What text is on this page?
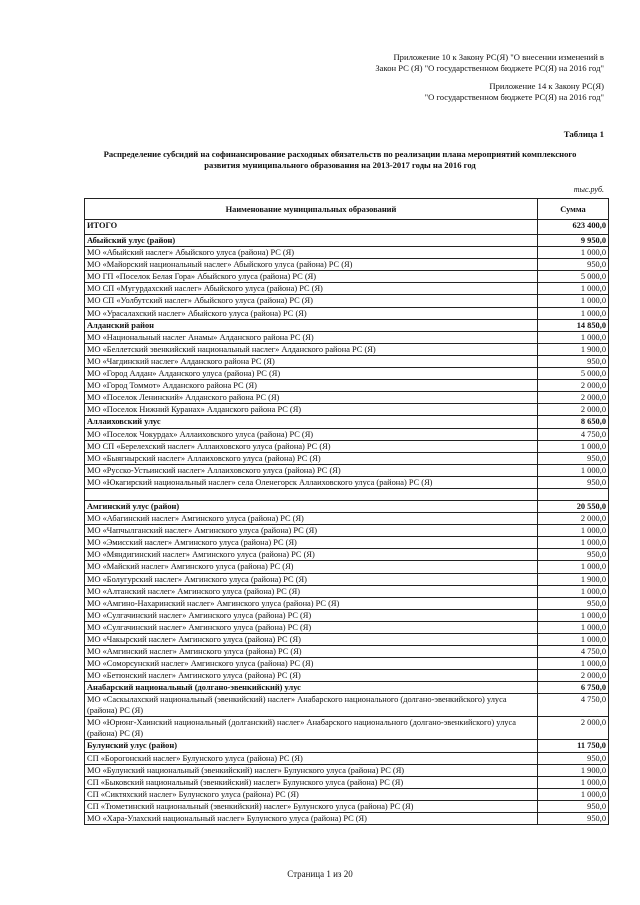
Приложение 10 к Закону РС(Я) "О внесении изменений в
Закон РС (Я) "О государственном бюджете РС(Я) на 2016 год"
Приложение 14 к Закону РС(Я)
"О государственном бюджете РС(Я) на 2016 год"
Таблица 1
Распределение субсидий на софинансирование расходных обязательств по реализации плана мероприятий комплексного
развития муниципального образования на 2013-2017 годы на 2016 год
тыс.руб.
Наименование муниципальных образований	Сумма
ИТОГО	623 400,0
Абыйский улус (район)	9 950,0
МО «Абыйский наслег» Абыйского улуса (района) РС (Я)	1 000,0
МО «Майорский национальный наслег» Абыйского улуса (района) РС (Я)	950,0
МО ГП «Поселок Белая Гора» Абыйского улуса (района) РС (Я)	5 000,0
МО СП «Мугурдахский наслег» Абыйского улуса (района) РС (Я)	1 000,0
МО СП «Уолбутский наслег» Абыйского улуса (района) РС (Я)	1 000,0
МО «Урасалахский наслег» Абыйского улуса (района) РС (Я)	1 000,0
Алданский район	14 850,0
МО «Национальный наслег Анамы» Алданского района РС (Я)	1 000,0
МО «Беллетский эвенкийский национальный наслег» Алданского района РС (Я)	1 900,0
МО «Чагдинский наслег» Алданского района РС (Я)	950,0
МО «Город Алдан» Алданского улуса (района) РС (Я)	5 000,0
МО «Город Томмот» Алданского района РС (Я)	2 000,0
МО «Поселок Ленинский» Алданского района РС (Я)	2 000,0
МО «Поселок Нижний Куранах» Алданского района РС (Я)	2 000,0
Аллаиховский улус	8 650,0
МО «Поселок Чокурдах» Аллаиховского улуса (района) РС (Я)	4 750,0
МО СП «Берелехский наслег» Аллаиховского улуса (района) РС (Я)	1 000,0
МО «Быягнырский наслег» Аллаиховского улуса (района) РС (Я)	950,0
МО «Русско-Устьинский наслег» Аллаиховского улуса (района) РС (Я)	1 000,0
МО «Юкагирский национальный наслег» села Оленегорск Аллаиховского улуса (района) РС (Я)	950,0

Амгинский улус (район)	20 550,0
МО «Абагинский наслег» Амгинского улуса (района) РС (Я)	2 000,0
МО «Чапчылганский наслег» Амгинского улуса (района) РС (Я)	1 000,0
МО «Эмисский наслег» Амгинского улуса (района) РС (Я)	1 000,0
МО «Мяндигинский наслег» Амгинского улуса (района) РС (Я)	950,0
МО «Майский наслег» Амгинского улуса (района) РС (Я)	1 000,0
МО «Болугурский наслег» Амгинского улуса (района) РС (Я)	1 900,0
МО «Алтанский наслег» Амгинского улуса (района) РС (Я)	1 000,0
МО «Амгино-Нахаринский наслег» Амгинского улуса (района) РС (Я)	950,0
МО «Сулгачинский наслег» Амгинского улуса (района) РС (Я)	1 000,0
МО «Сулгачинский наслег» Амгинского улуса (района) РС (Я)	1 000,0
МО «Чакырский наслег» Амгинского улуса (района) РС (Я)	1 000,0
МО «Амгинский наслег» Амгинского улуса (района) РС (Я)	4 750,0
МО «Соморсунский наслег» Амгинского улуса (района) РС (Я)	1 000,0
МО «Бетюнский наслег» Амгинского улуса (района) РС (Я)	2 000,0
Анабарский национальный (долгано-эвенкийский) улус	6 750,0
МО «Саскылахский национальный (эвенкийский) наслег» Анабарского национального (долгано-эвенкийского) улуса (района) РС (Я)	4 750,0
МО «Юрюнг-Хаинский национальный (долганский) наслег» Анабарского национального (долгано-эвенкийского) улуса (района) РС (Я)	2 000,0
Булунский улус (район)	11 750,0
СП «Борогонский наслег» Булунского улуса (района) РС (Я)	950,0
МО «Булунский национальный (эвенкийский) наслег» Булунского улуса (района) РС (Я)	1 900,0
СП «Быковский национальный (эвенкийский) наслег» Булунского улуса (района) РС (Я)	1 000,0
СП «Сиктяхский наслег» Булунского улуса (района) РС (Я)	1 000,0
СП «Тюметинский национальный (эвенкийский) наслег» Булунского улуса (района) РС (Я)	950,0
МО «Хара-Улахский национальный наслег» Булунского улуса (района) РС (Я)	950,0
Страница 1 из 20
